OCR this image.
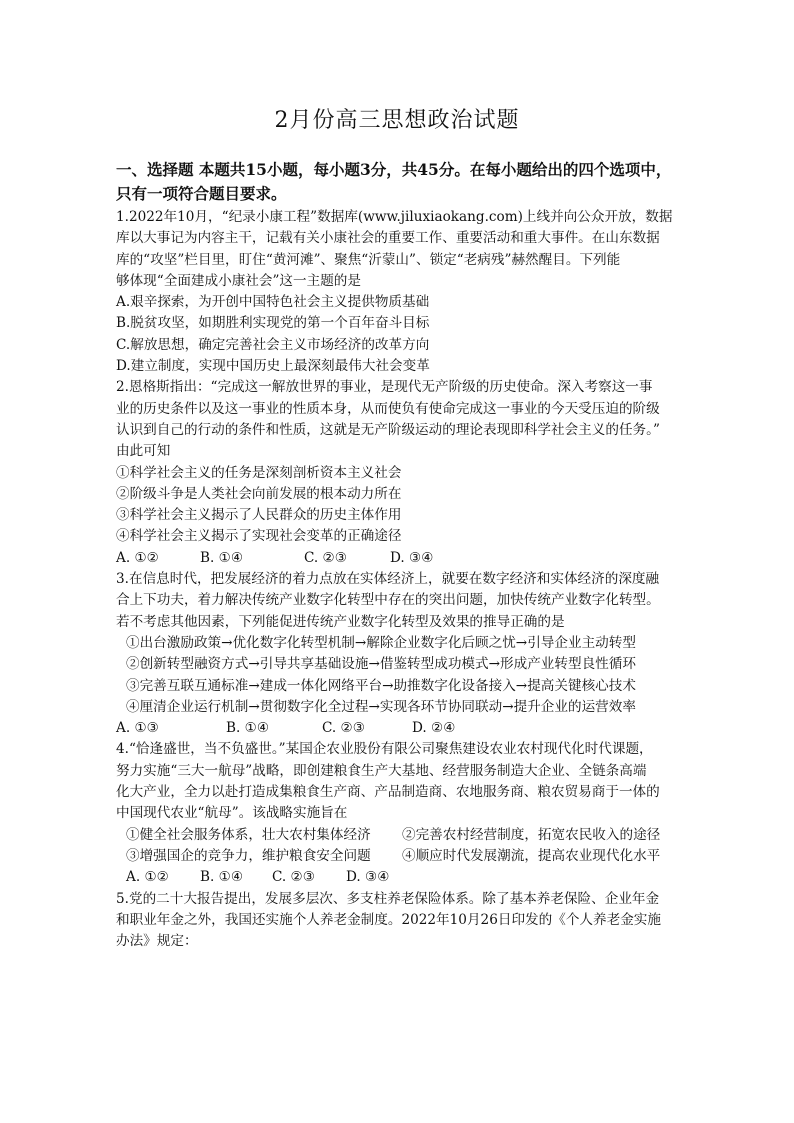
2月份高三思想政治试题
一、选择题 本题共15小题，每小题3分，共45分。在每小题给出的四个选项中，
只有一项符合题目要求。
1.2022年10月，“纪录小康工程”数据库(www.jiluxiaokang.com)上线并向公众开放，数据
库以大事记为内容主干，记载有关小康社会的重要工作、重要活动和重大事件。在山东数据
库的“攻坚”栏目里，盯住“黄河滩”、聚焦“沂蒙山”、锁定“老病残”赫然醒目。下列能
够体现“全面建成小康社会”这一主题的是
A.艰辛探索，为开创中国特色社会主义提供物质基础
B.脱贫攻坚，如期胜利实现党的第一个百年奋斗目标
C.解放思想，确定完善社会主义市场经济的改革方向
D.建立制度，实现中国历史上最深刻最伟大社会变革
2.恩格斯指出：“完成这一解放世界的事业，是现代无产阶级的历史使命。深入考察这一事
业的历史条件以及这一事业的性质本身，从而使负有使命完成这一事业的今天受压迫的阶级
认识到自己的行动的条件和性质，这就是无产阶级运动的理论表现即科学社会主义的任务。”
由此可知
①科学社会主义的任务是深刻剖析资本主义社会
②阶级斗争是人类社会向前发展的根本动力所在
③科学社会主义揭示了人民群众的历史主体作用
④科学社会主义揭示了实现社会变革的正确途径
A. ①②	B. ①④	C. ②③	D. ③④
3.在信息时代，把发展经济的着力点放在实体经济上，就要在数字经济和实体经济的深度融
合上下功夫，着力解决传统产业数字化转型中存在的突出问题，加快传统产业数字化转型。
若不考虑其他因素，下列能促进传统产业数字化转型及效果的推导正确的是
①出台激励政策→优化数字化转型机制→解除企业数字化后顾之忧→引导企业主动转型
②创新转型融资方式→引导共享基础设施→借鉴转型成功模式→形成产业转型良性循环
③完善互联互通标准→建成一体化网络平台→助推数字化设备接入→提高关键核心技术
④厘清企业运行机制→贯彻数字化全过程→实现各环节协同联动→提升企业的运营效率
A. ①③	B. ①④	C. ②③	D. ②④
4.“恰逢盛世，当不负盛世。”某国企农业股份有限公司聚焦建设农业农村现代化时代课题，
努力实施“三大一航母”战略，即创建粮食生产大基地、经营服务制造大企业、全链条高端
化大产业，全力以赴打造成集粮食生产商、产品制造商、农地服务商、粮农贸易商于一体的
中国现代农业“航母”。该战略实施旨在
①健全社会服务体系，壮大农村集体经济 ②完善农村经营制度，拓宽农民收入的途径
③增强国企的竞争力，维护粮食安全问题 ④顺应时代发展潮流，提高农业现代化水平
A. ①② B. ①④ C. ②③ D. ③④
5.党的二十大报告提出，发展多层次、多支柱养老保险体系。除了基本养老保险、企业年金
和职业年金之外，我国还实施个人养老金制度。2022年10月26日印发的《个人养老金实施
办法》规定：
